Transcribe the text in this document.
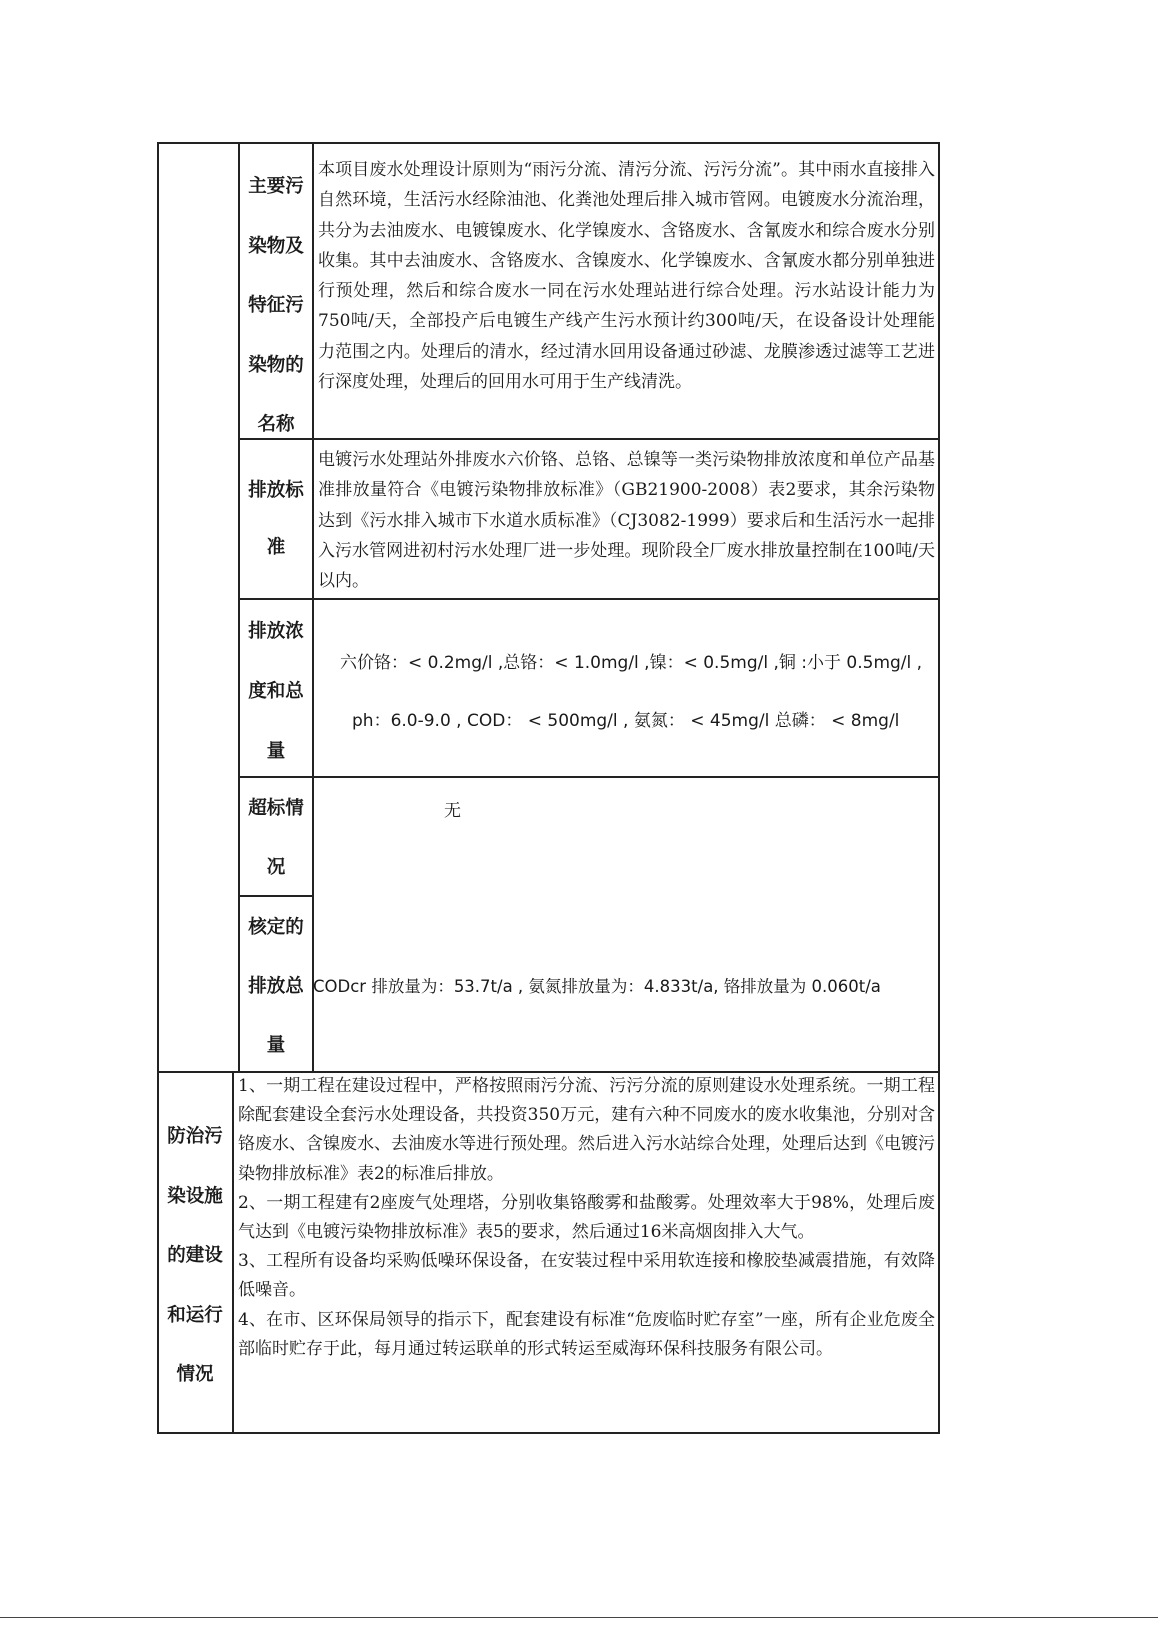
主要污
染物及
特征污
染物的
名称
本项目废水处理设计原则为“雨污分流、清污分流、污污分流”。其中雨水直接排入自然环境，生活污水经除油池、化粪池处理后排入城市管网。电镀废水分流治理，共分为去油废水、电镀镍废水、化学镍废水、含铬废水、含氰废水和综合废水分别收集。其中去油废水、含铬废水、含镍废水、化学镍废水、含氰废水都分别单独进行预处理，然后和综合废水一同在污水处理站进行综合处理。污水站设计能力为750吨/天，全部投产后电镀生产线产生污水预计约300吨/天，在设备设计处理能力范围之内。处理后的清水，经过清水回用设备通过砂滤、龙膜渗透过滤等工艺进行深度处理，处理后的回用水可用于生产线清洗。
排放标
准
电镀污水处理站外排废水六价铬、总铬、总镍等一类污染物排放浓度和单位产品基准排放量符合《电镀污染物排放标准》（GB21900-2008）表2要求，其余污染物达到《污水排入城市下水道水质标准》（CJ3082-1999）要求后和生活污水一起排入污水管网进初村污水处理厂进一步处理。现阶段全厂废水排放量控制在100吨/天以内。
排放浓
度和总
量
六价铬：< 0.2mg/l ,总铬：< 1.0mg/l ,镍：< 0.5mg/l ,铜 :小于 0.5mg/l ,
ph：6.0-9.0 , COD： < 500mg/l , 氨氮： < 45mg/l 总磷： < 8mg/l
超标情
况
无
核定的
排放总
量
CODcr 排放量为：53.7t/a , 氨氮排放量为：4.833t/a, 铬排放量为 0.060t/a
防治污
染设施
的建设
和运行
情况

1、一期工程在建设过程中，严格按照雨污分流、污污分流的原则建设水处理系统。一期工程除配套建设全套污水处理设备，共投资350万元，建有六种不同废水的废水收集池，分别对含铬废水、含镍废水、去油废水等进行预处理。然后进入污水站综合处理，处理后达到《电镀污染物排放标准》表2的标准后排放。

2、一期工程建有2座废气处理塔，分别收集铬酸雾和盐酸雾。处理效率大于98%，处理后废气达到《电镀污染物排放标准》表5的要求，然后通过16米高烟囱排入大气。

3、工程所有设备均采购低噪环保设备，在安装过程中采用软连接和橡胶垫减震措施，有效降低噪音。

4、在市、区环保局领导的指示下，配套建设有标准“危废临时贮存室”一座，所有企业危废全部临时贮存于此，每月通过转运联单的形式转运至威海环保科技服务有限公司。
